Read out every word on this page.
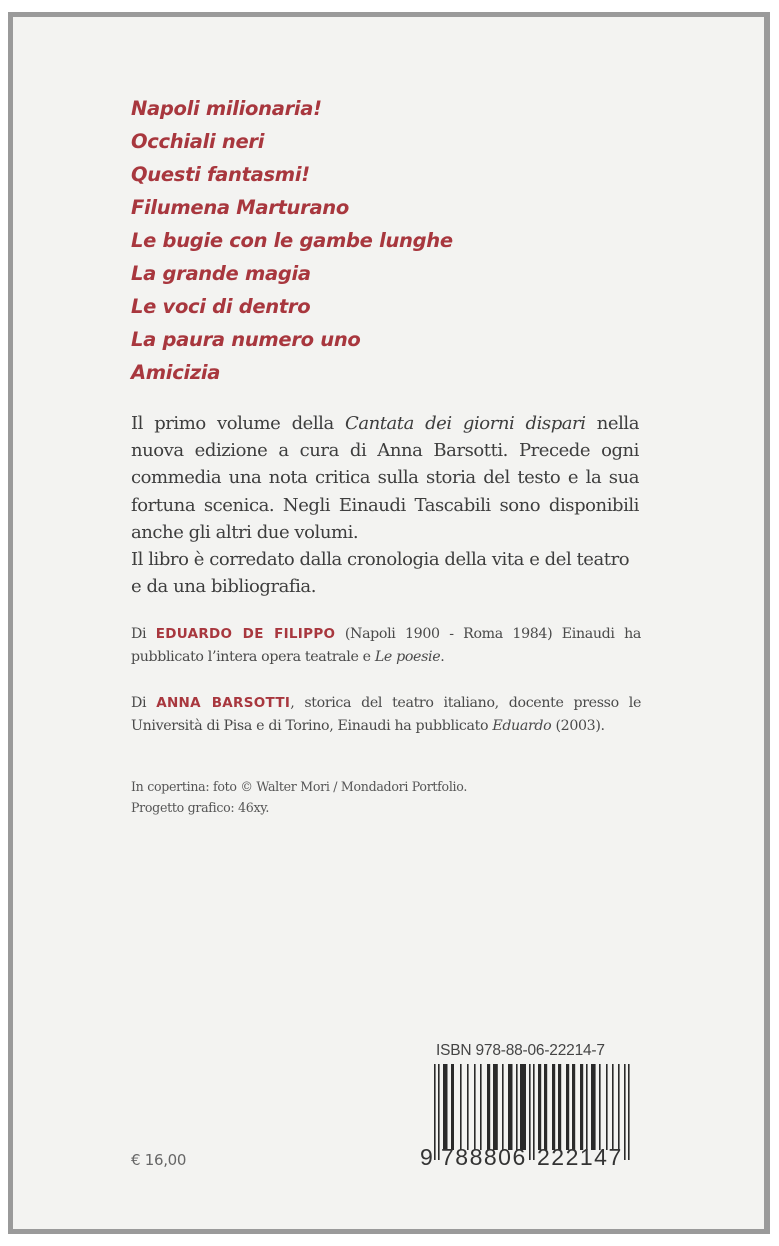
Napoli milionaria!
Occhiali neri
Questi fantasmi!
Filumena Marturano
Le bugie con le gambe lunghe
La grande magia
Le voci di dentro
La paura numero uno
Amicizia

Il primo volume della Cantata dei giorni dispari nella nuova edizione a cura di Anna Barsotti. Precede ogni commedia una nota critica sulla storia del testo e la sua fortuna scenica. Negli Einaudi Tascabili sono disponibili anche gli altri due volumi.

Il libro è corredato dalla cronologia della vita e del teatro e da una bibliografia.

Di EDUARDO DE FILIPPO (Napoli 1900 - Roma 1984) Einaudi ha pubblicato l’intera opera teatrale e Le poesie.

Di ANNA BARSOTTI, storica del teatro italiano, docente presso le Università di Pisa e di Torino, Einaudi ha pubblicato Eduardo (2003).

In copertina: foto © Walter Mori / Mondadori Portfolio.
Progetto grafico: 46xy.
€ 16,00
ISBN 978-88-06-22214-7
9 788806 222147
